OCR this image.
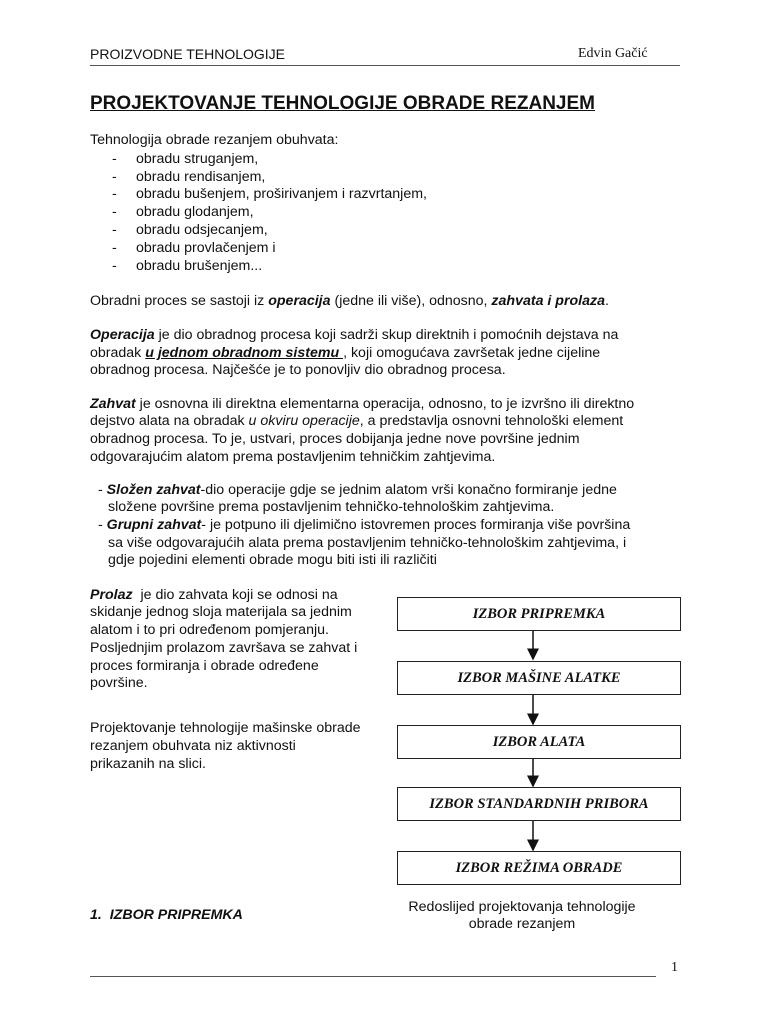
PROIZVODNE TEHNOLOGIJE	Edvin Gačić
PROJEKTOVANJE TEHNOLOGIJE OBRADE REZANJEM
Tehnologija obrade rezanjem obuhvata:
- obradu struganjem,
- obradu rendisanjem,
- obradu bušenjem, proširivanjem i razvrtanjem,
- obradu glodanjem,
- obradu odsjecanjem,
- obradu provlačenjem i
- obradu brušenjem...
Obradni proces se sastoji iz operacija (jedne ili više), odnosno, zahvata i prolaza.
Operacija je dio obradnog procesa koji sadrži skup direktnih i pomoćnih dejstava na
obradak u jednom obradnom sistemu , koji omogućava završetak jedne cijeline
obradnog procesa. Najčešće je to ponovljiv dio obradnog procesa.
Zahvat je osnovna ili direktna elementarna operacija, odnosno, to je izvršno ili direktno
dejstvo alata na obradak u okviru operacije, a predstavlja osnovni tehnološki element
obradnog procesa. To je, ustvari, proces dobijanja jedne nove površine jednim
odgovarajućim alatom prema postavljenim tehničkim zahtjevima.
- Složen zahvat-dio operacije gdje se jednim alatom vrši konačno formiranje jedne
složene površine prema postavljenim tehničko-tehnološkim zahtjevima.
- Grupni zahvat- je potpuno ili djelimično istovremen proces formiranja više površina
sa više odgovarajućih alata prema postavljenim tehničko-tehnološkim zahtjevima, i
gdje pojedini elementi obrade mogu biti isti ili različiti
Prolaz  je dio zahvata koji se odnosi na
skidanje jednog sloja materijala sa jednim
alatom i to pri određenom pomjeranju.
Posljednjim prolazom završava se zahvat i
proces formiranja i obrade određene
površine.
Projektovanje tehnologije mašinske obrade
rezanjem obuhvata niz aktivnosti
prikazanih na slici.
IZBOR PRIPREMKA
IZBOR MAŠINE ALATKE
IZBOR ALATA
IZBOR STANDARDNIH PRIBORA
IZBOR REŽIMA OBRADE
Redoslijed projektovanja tehnologije obrade rezanjem
1.  IZBOR PRIPREMKA
1
